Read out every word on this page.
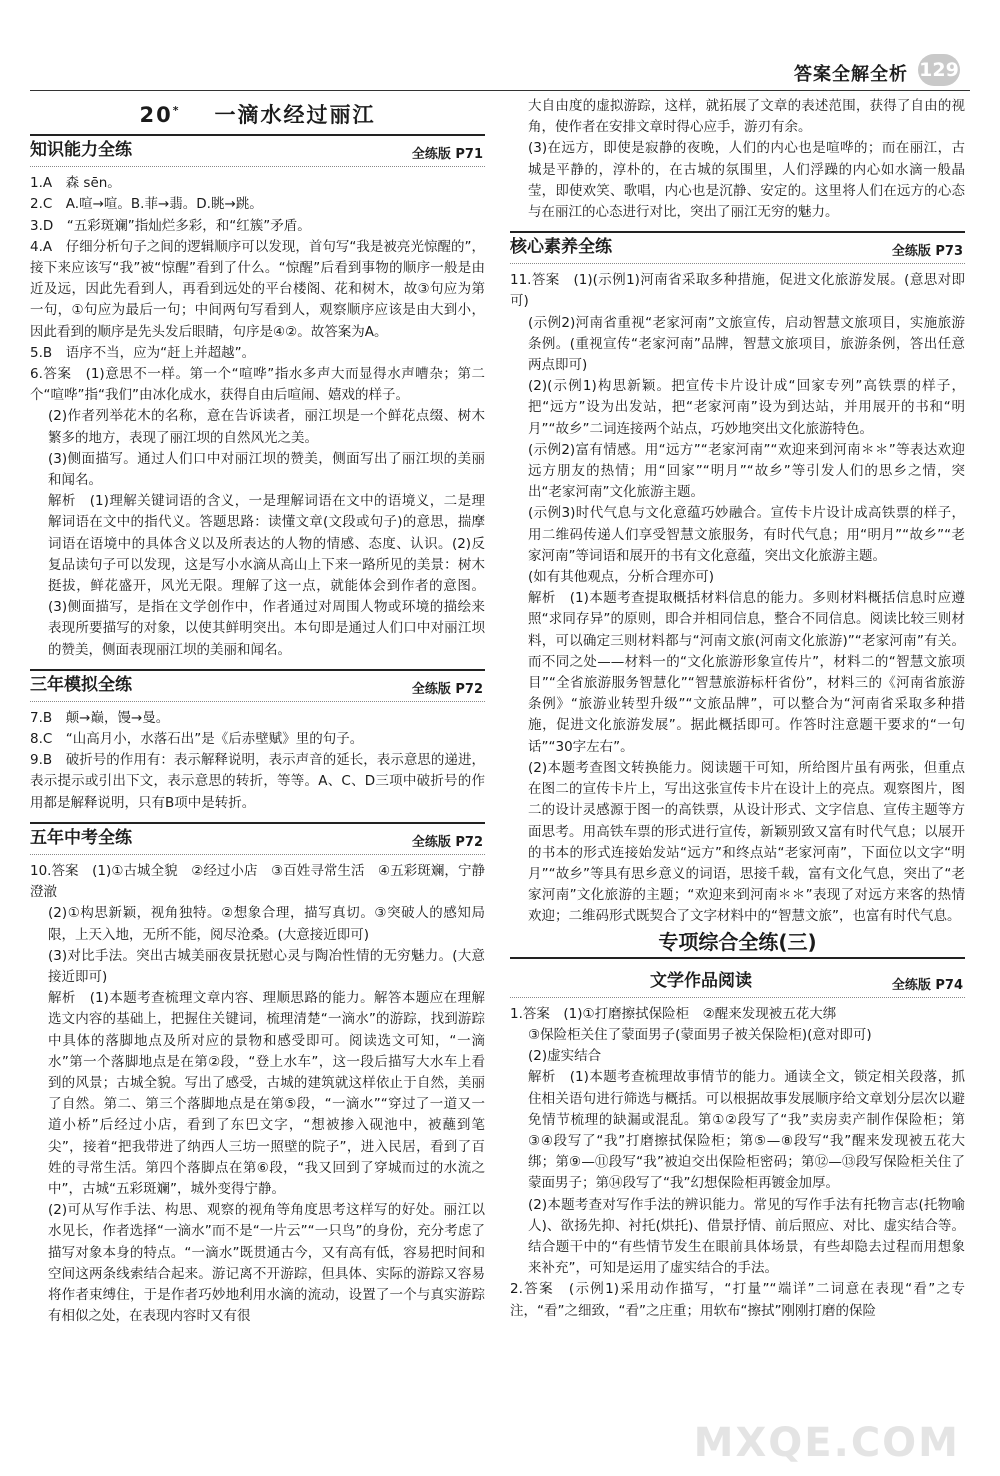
答案全解全析 129
20* 一滴水经过丽江
知识能力全练	全练版 P71

1.A　森 sēn。

2.C　A.喧→喧。B.菲→翡。D.眺→跳。

3.D　“五彩斑斓”指灿烂多彩，和“红簇”矛盾。

4.A　仔细分析句子之间的逻辑顺序可以发现，首句写“我是被亮光惊醒的”，接下来应该写“我”被“惊醒”看到了什么。“惊醒”后看到事物的顺序一般是由近及远，因此先看到人，再看到远处的平台楼阁、花和树木，故③句应为第一句，①句应为最后一句；中间两句写看到人，观察顺序应该是由大到小，因此看到的顺序是先头发后眼睛，句序是④②。故答案为A。

5.B　语序不当，应为“赶上并超越”。

6.答案　(1)意思不一样。第一个“喧哗”指水多声大而显得水声嘈杂；第二个“喧哗”指“我们”由冰化成水，获得自由后喧闹、嬉戏的样子。

(2)作者列举花木的名称，意在告诉读者，丽江坝是一个鲜花点缀、树木繁多的地方，表现了丽江坝的自然风光之美。

(3)侧面描写。通过人们口中对丽江坝的赞美，侧面写出了丽江坝的美丽和闻名。

解析　(1)理解关键词语的含义，一是理解词语在文中的语境义，二是理解词语在文中的指代义。答题思路：读懂文章(文段或句子)的意思，揣摩词语在语境中的具体含义以及所表达的人物的情感、态度、认识。(2)反复品读句子可以发现，这是写小水滴从高山上下来一路所见的美景：树木挺拔，鲜花盛开，风光无限。理解了这一点，就能体会到作者的意图。(3)侧面描写，是指在文学创作中，作者通过对周围人物或环境的描绘来表现所要描写的对象，以使其鲜明突出。本句即是通过人们口中对丽江坝的赞美，侧面表现丽江坝的美丽和闻名。

三年模拟全练	全练版 P72

7.B　颠→巅，馒→曼。

8.C　“山高月小，水落石出”是《后赤壁赋》里的句子。

9.B　破折号的作用有：表示解释说明，表示声音的延长，表示意思的递进，表示提示或引出下文，表示意思的转折，等等。A、C、D三项中破折号的作用都是解释说明，只有B项中是转折。

五年中考全练	全练版 P72

10.答案　(1)①古城全貌　②经过小店　③百姓寻常生活　④五彩斑斓，宁静澄澈

(2)①构思新颖，视角独特。②想象合理，描写真切。③突破人的感知局限，上天入地，无所不能，阅尽沧桑。(大意接近即可)

(3)对比手法。突出古城美丽夜景抚慰心灵与陶冶性情的无穷魅力。(大意接近即可)

解析　(1)本题考查梳理文章内容、理顺思路的能力。解答本题应在理解选文内容的基础上，把握住关键词，梳理清楚“一滴水”的游踪，找到游踪中具体的落脚地点及所对应的景物和感受即可。阅读选文可知，“一滴水”第一个落脚地点是在第②段，“登上水车”，这一段后描写大水车上看到的风景；古城全貌。写出了感受，古城的建筑就这样依止于自然，美丽了自然。第二、第三个落脚地点是在第⑤段，“一滴水”“穿过了一道又一道小桥”后经过小店，看到了东巴文字，“想被掺入砚池中，被蘸到笔尖”，接着“把我带进了纳西人三坊一照壁的院子”，进入民居，看到了百姓的寻常生活。第四个落脚点在第⑥段，“我又回到了穿城而过的水流之中”，古城“五彩斑斓”，城外变得宁静。

(2)可从写作手法、构思、观察的视角等角度思考这样写的好处。丽江以水见长，作者选择“一滴水”而不是“一片云”“一只鸟”的身份，充分考虑了描写对象本身的特点。“一滴水”既贯通古今，又有高有低，容易把时间和空间这两条线索结合起来。游记离不开游踪，但具体、实际的游踪又容易将作者束缚住，于是作者巧妙地利用水滴的流动，设置了一个与真实游踪有相似之处，在表现内容时又有很

大自由度的虚拟游踪，这样，就拓展了文章的表述范围，获得了自由的视角，使作者在安排文章时得心应手，游刃有余。

(3)在远方，即使是寂静的夜晚，人们的内心也是喧哗的；而在丽江，古城是平静的，淳朴的，在古城的氛围里，人们浮躁的内心如水滴一般晶莹，即使欢笑、歌唱，内心也是沉静、安定的。这里将人们在远方的心态与在丽江的心态进行对比，突出了丽江无穷的魅力。

核心素养全练	全练版 P73

11.答案　(1)(示例1)河南省采取多种措施，促进文化旅游发展。(意思对即可)

(示例2)河南省重视“老家河南”文旅宣传，启动智慧文旅项目，实施旅游条例。(重视宣传“老家河南”品牌，智慧文旅项目，旅游条例，答出任意两点即可)

(2)(示例1)构思新颖。把宣传卡片设计成“回家专列”高铁票的样子，把“远方”设为出发站，把“老家河南”设为到达站，并用展开的书和“明月”“故乡”二词连接两个站点，巧妙地突出文化旅游特色。

(示例2)富有情感。用“远方”“老家河南”“欢迎来到河南＊＊”等表达欢迎远方朋友的热情；用“回家”“明月”“故乡”等引发人们的思乡之情，突出“老家河南”文化旅游主题。

(示例3)时代气息与文化意蕴巧妙融合。宣传卡片设计成高铁票的样子，用二维码传递人们享受智慧文旅服务，有时代气息；用“明月”“故乡”“老家河南”等词语和展开的书有文化意蕴，突出文化旅游主题。

(如有其他观点，分析合理亦可)

解析　(1)本题考查提取概括材料信息的能力。多则材料概括信息时应遵照“求同存异”的原则，即合并相同信息，整合不同信息。阅读比较三则材料，可以确定三则材料都与“河南文旅(河南文化旅游)”“老家河南”有关。而不同之处——材料一的“文化旅游形象宣传片”，材料二的“智慧文旅项目”“全省旅游服务智慧化”“智慧旅游标杆省份”，材料三的《河南省旅游条例》“旅游业转型升级”“文旅品牌”，可以整合为“河南省采取多种措施，促进文化旅游发展”。据此概括即可。作答时注意题干要求的“一句话”“30字左右”。

(2)本题考查图文转换能力。阅读题干可知，所给图片虽有两张，但重点在图二的宣传卡片上，写出这张宣传卡片在设计上的亮点。观察图片，图二的设计灵感源于图一的高铁票，从设计形式、文字信息、宣传主题等方面思考。用高铁车票的形式进行宣传，新颖别致又富有时代气息；以展开的书本的形式连接始发站“远方”和终点站“老家河南”，下面位以文字“明月”“故乡”等具有思乡意义的词语，思接千载，富有文化气息，突出了“老家河南”文化旅游的主题；“欢迎来到河南＊＊”表现了对远方来客的热情欢迎；二维码形式既契合了文字材料中的“智慧文旅”，也富有时代气息。

专项综合全练(三)
文学作品阅读	全练版 P74

1.答案　(1)①打磨擦拭保险柜　②醒来发现被五花大绑

③保险柜关住了蒙面男子(蒙面男子被关保险柜)(意对即可)

(2)虚实结合

解析　(1)本题考查梳理故事情节的能力。通读全文，锁定相关段落，抓住相关语句进行筛选与概括。可以根据故事发展顺序给文章划分层次以避免情节梳理的缺漏或混乱。第①②段写了“我”卖房卖产制作保险柜；第③④段写了“我”打磨擦拭保险柜；第⑤—⑧段写“我”醒来发现被五花大绑；第⑨—⑪段写“我”被迫交出保险柜密码；第⑫—⑬段写保险柜关住了蒙面男子；第⑭段写了“我”幻想保险柜再镀金加厚。

(2)本题考查对写作手法的辨识能力。常见的写作手法有托物言志(托物喻人)、欲扬先抑、衬托(烘托)、借景抒情、前后照应、对比、虚实结合等。结合题干中的“有些情节发生在眼前具体场景，有些却隐去过程而用想象来补充”，可知是运用了虚实结合的手法。

2.答案　(示例1)采用动作描写，“打量”“端详”二词意在表现“看”之专注，“看”之细致，“看”之庄重；用软布“擦拭”刚刚打磨的保险

MXQE.COM
